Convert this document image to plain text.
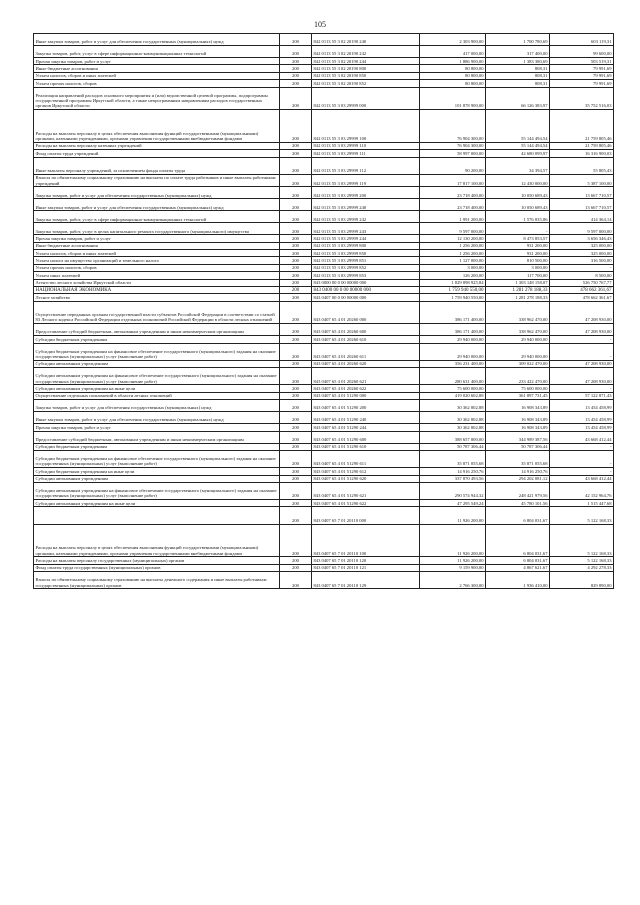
105
Иные закупки товаров, работ и услуг для обеспечения государственных (муниципальных) нужд	200	842 0113 55 3 02 20190 240	2 303 900,00	1 700 780,69	603 119,31
Закупка товаров, работ, услуг в сфере информационно-коммуникационных технологий	200	842 0113 55 3 02 20190 242	417 000,00	317 400,00	99 600,00
Прочая закупка товаров, работ и услуг	200	842 0113 55 3 02 20190 244	1 886 900,00	1 383 380,69	503 519,31
Иные бюджетные ассигнования	200	842 0113 55 3 02 20190 800	80 800,00	808,31	79 991,69
Уплата налогов, сборов и иных платежей	200	842 0113 55 3 02 20190 850	80 800,00	808,31	79 991,69
Уплата прочих налогов, сборов	200	842 0113 55 3 02 20190 852	80 800,00	808,31	79 991,69
Реализация направлений расходов основного мероприятия и (или) ведомственной целевой программы, подпрограммы государственной программы Иркутской области, а также непрограммным направлениям расходов государственных органов Иркутской области	200	842 0113 55 3 03 29999 000	101 878 900,00	66 126 383,97	35 752 516,03
Расходы на выплаты персоналу в целях обеспечения выполнения функций государственными (муниципальными) органами, казенными учреждениями, органами управления государственными внебюджетными фондами	200	842 0113 55 3 03 29999 100	76 904 300,00	55 144 494,54	21 759 805,46
Расходы на выплаты персоналу казенных учреждений	200	842 0113 55 3 03 29999 110	76 904 300,00	55 144 494,54	21 759 805,46
Фонд оплаты труда учреждений	200	842 0113 55 3 03 29999 111	58 997 000,00	42 680 099,97	16 316 900,03
Иные выплаты персоналу учреждений, за исключением фонда оплаты труда	200	842 0113 55 3 03 29999 112	90 200,00	34 394,57	55 805,43
Взносы по обязательному социальному страхованию на выплаты по оплате труда работников и иные выплаты работникам учреждений	200	842 0113 55 3 03 29999 119	17 817 100,00	12 430 000,00	5 387 100,00
Закупка товаров, работ и услуг для обеспечения государственных (муниципальных) нужд	200	842 0113 55 3 03 29999 200	23 718 400,00	10 050 689,43	13 667 710,57
Иные закупки товаров, работ и услуг для обеспечения государственных (муниципальных) нужд	200	842 0113 55 3 03 29999 240	23 718 400,00	10 050 689,43	13 667 710,57
Закупка товаров, работ, услуг в сфере информационно-коммуникационных технологий	200	842 0113 55 3 03 29999 242	1 991 200,00	1 576 835,86	414 364,14
Закупка товаров, работ, услуг в целях капитального ремонта государственного (муниципального) имущества	200	842 0113 55 3 03 29999 243	9 597 000,00	-	9 597 000,00
Прочая закупка товаров, работ и услуг	200	842 0113 55 3 03 29999 244	12 130 200,00	8 473 853,57	3 656 346,43
Иные бюджетные ассигнования	200	842 0113 55 3 03 29999 800	1 256 200,00	931 200,00	325 000,00
Уплата налогов, сборов и иных платежей	200	842 0113 55 3 03 29999 850	1 256 200,00	931 200,00	325 000,00
Уплата налога на имущество организаций и земельного налога	200	842 0113 55 3 03 29999 851	1 127 000,00	810 500,00	316 500,00
Уплата прочих налогов, сборов	200	842 0113 55 3 03 29999 852	3 000,00	3 000,00	-
Уплата иных платежей	200	842 0113 55 3 03 29999 853	126 200,00	117 700,00	8 500,00
Агентство лесного хозяйства Иркутской области	200	843 0000 00 0 00 00000 000	1 829 898 925,84	1 303 148 158,07	526 750 767,77
НАЦИОНАЛЬНАЯ ЭКОНОМИКА	200	843 0400 00 0 00 00000 000	1 759 940 550,00	1 281 278 188,33	478 662 361,67
Лесное хозяйство	200	843 0407 00 0 00 00000 000	1 759 940 550,00	1 281 278 188,33	478 662 361,67
Осуществление переданных органам государственной власти субъектов Российской Федерации в соответствии со статьей 83 Лесного кодекса Российской Федерации отдельных полномочий Российской Федерации в области лесных отношений	200	843 0407 65 4 01 20260 000	386 171 400,00	338 962 470,00	47 208 930,00
Предоставление субсидий бюджетным, автономным учреждениям и иным некоммерческим организациям	200	843 0407 65 4 01 20260 600	386 171 400,00	338 962 470,00	47 208 930,00
Субсидии бюджетным учреждениям	200	843 0407 65 4 01 20260 610	29 940 000,00	29 940 000,00	-
Субсидии бюджетным учреждениям на финансовое обеспечение государственного (муниципального) задания на оказание государственных (муниципальных) услуг (выполнение работ)	200	843 0407 65 4 01 20260 611	29 940 000,00	29 940 000,00	-
Субсидии автономным учреждениям	200	843 0407 65 4 01 20260 620	356 231 400,00	309 022 470,00	47 208 930,00
Субсидии автономным учреждениям на финансовое обеспечение государственного (муниципального) задания на оказание государственных (муниципальных) услуг (выполнение работ)	200	843 0407 65 4 01 20260 621	280 631 400,00	233 422 470,00	47 208 930,00
Субсидии автономным учреждениям на иные цели	200	843 0407 65 4 01 20260 622	75 600 000,00	75 600 000,00	-
Осуществление отдельных полномочий в области лесных отношений	200	843 0407 65 4 01 51290 000	419 020 602,88	361 897 731,45	57 122 871,43
Закупка товаров, работ и услуг для обеспечения государственных (муниципальных) нужд	200	843 0407 65 4 01 51290 200	30 362 802,88	16 908 343,89	13 454 458,99
Иные закупки товаров, работ и услуг для обеспечения государственных (муниципальных) нужд	200	843 0407 65 4 01 51290 240	30 362 802,88	16 908 343,89	13 454 458,99
Прочая закупка товаров, работ и услуг	200	843 0407 65 4 01 51290 244	30 362 802,88	16 908 343,89	13 454 458,99
Предоставление субсидий бюджетным, автономным учреждениям и иным некоммерческим организациям	200	843 0407 65 4 01 51290 600	388 657 800,00	344 989 387,56	43 668 412,44
Субсидии бюджетным учреждениям	200	843 0407 65 4 01 51290 610	50 787 306,44	50 787 306,44	-
Субсидии бюджетным учреждениям на финансовое обеспечение государственного (муниципального) задания на оказание государственных (муниципальных) услуг (выполнение работ)	200	843 0407 65 4 01 51290 611	35 871 055,68	35 871 055,68	-
Субсидии бюджетным учреждениям на иные цели	200	843 0407 65 4 01 51290 612	14 916 250,76	14 916 250,76	-
Субсидии автономным учреждениям	200	843 0407 65 4 01 51290 620	337 870 493,56	294 202 081,12	43 668 412,44
Субсидии автономным учреждениям на финансовое обеспечение государственного (муниципального) задания на оказание государственных (муниципальных) услуг (выполнение работ)	200	843 0407 65 4 01 51290 621	290 574 944,32	248 421 979,56	42 152 964,76
Субсидии автономным учреждениям на иные цели	200	843 0407 65 4 01 51290 622	47 295 549,24	45 780 101,56	1 515 447,68
	200	843 0407 65 7 01 20110 000	11 926 200,00	6 804 031,67	5 122 168,33
Расходы на выплаты персоналу в целях обеспечения выполнения функций государственными (муниципальными) органами, казенными учреждениями, органами управления государственными внебюджетными фондами	200	843 0407 65 7 01 20110 100	11 926 200,00	6 804 031,67	5 122 168,33
Расходы на выплаты персоналу государственных (муниципальных) органов	200	843 0407 65 7 01 20110 120	11 926 200,00	6 804 031,67	5 122 168,33
Фонд оплаты труда государственных (муниципальных) органов	200	843 0407 65 7 01 20110 121	9 159 900,00	4 867 621,67	4 292 278,33
Взносы по обязательному социальному страхованию на выплаты денежного содержания и иные выплаты работникам государственных (муниципальных) органов	200	843 0407 65 7 01 20110 129	2 766 300,00	1 936 410,00	829 890,00
